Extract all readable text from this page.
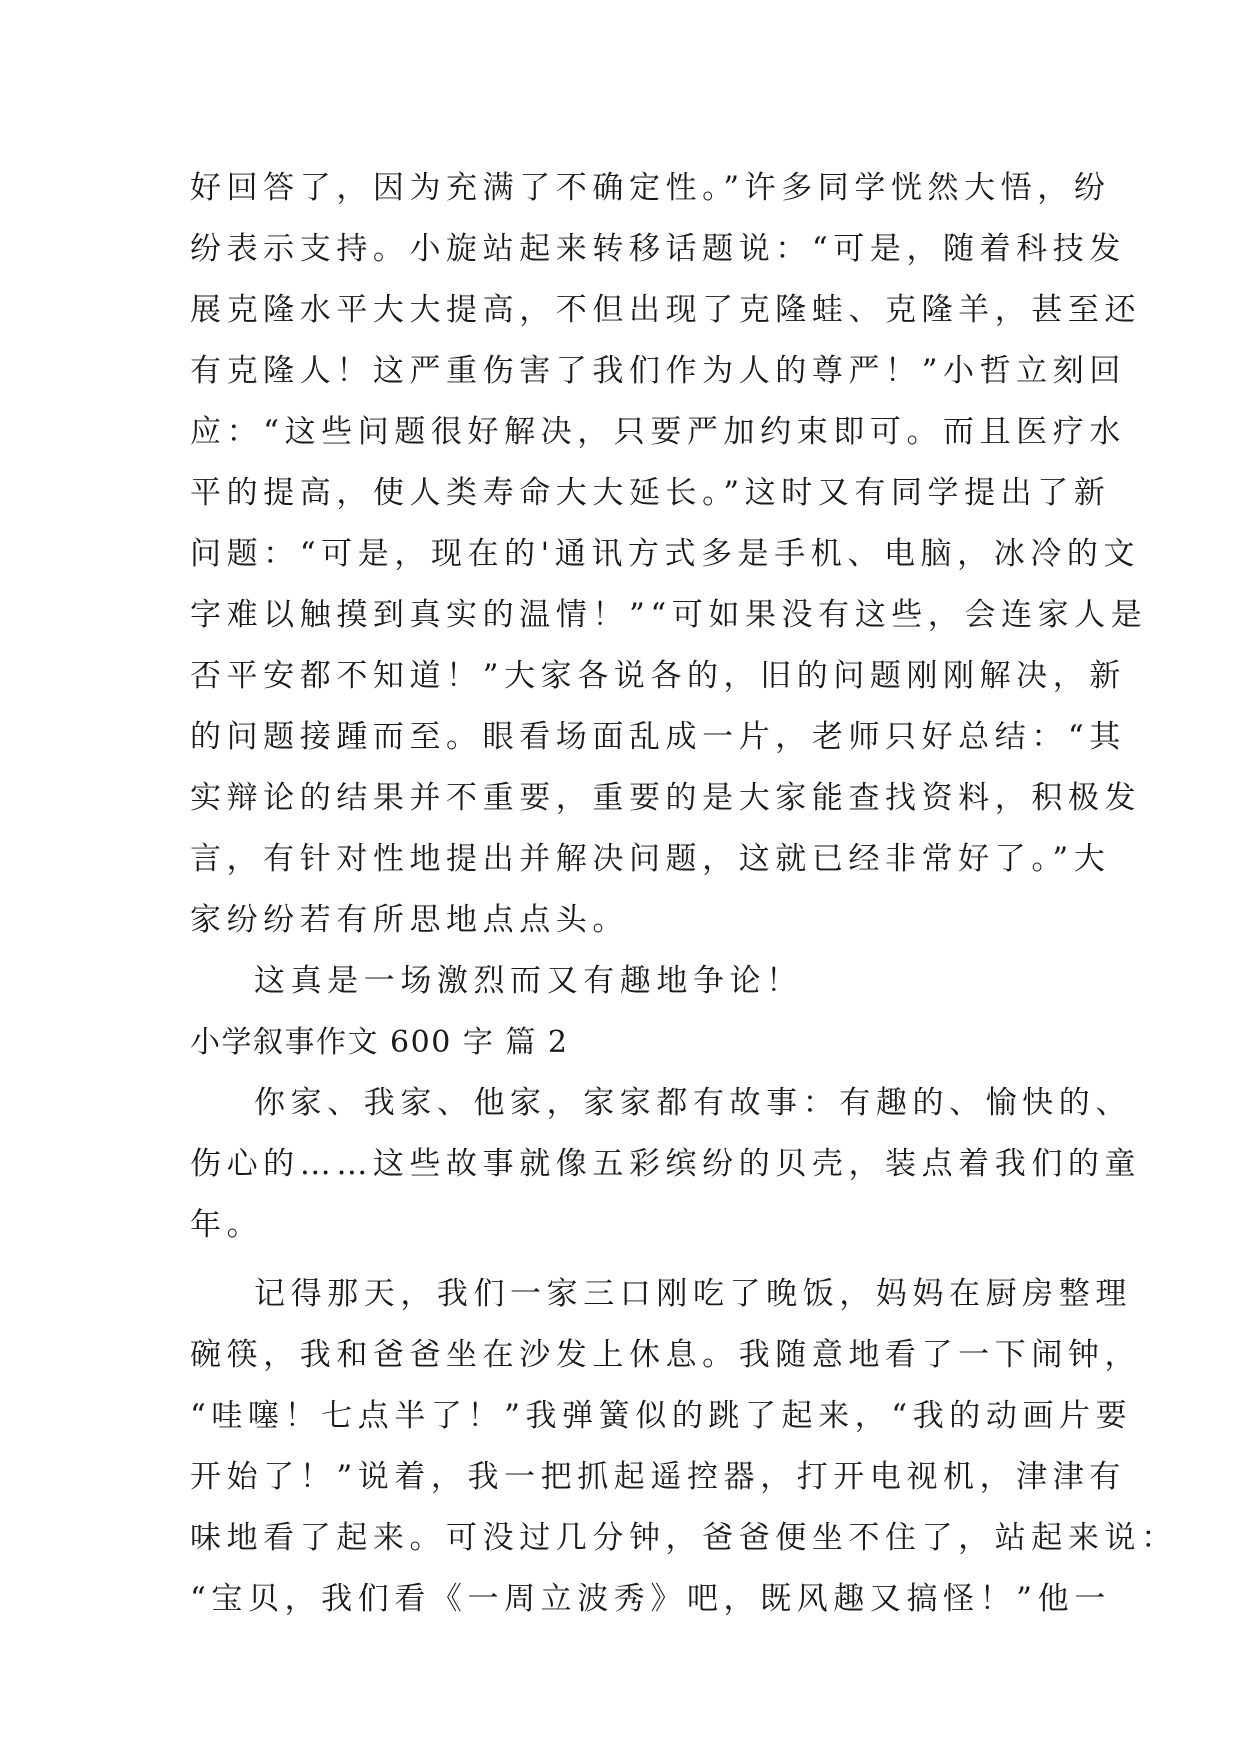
好回答了，因为充满了不确定性。”许多同学恍然大悟，纷
纷表示支持。小旋站起来转移话题说：“可是，随着科技发
展克隆水平大大提高，不但出现了克隆蛙、克隆羊，甚至还
有克隆人！这严重伤害了我们作为人的尊严！”小哲立刻回
应：“这些问题很好解决，只要严加约束即可。而且医疗水
平的提高，使人类寿命大大延长。”这时又有同学提出了新
问题：“可是，现在的'通讯方式多是手机、电脑，冰冷的文
字难以触摸到真实的温情！”“可如果没有这些，会连家人是
否平安都不知道！”大家各说各的，旧的问题刚刚解决，新
的问题接踵而至。眼看场面乱成一片，老师只好总结：“其
实辩论的结果并不重要，重要的是大家能查找资料，积极发
言，有针对性地提出并解决问题，这就已经非常好了。”大
家纷纷若有所思地点点头。
这真是一场激烈而又有趣地争论！
小学叙事作文 600 字 篇 2
你家、我家、他家，家家都有故事：有趣的、愉快的、
伤心的……这些故事就像五彩缤纷的贝壳，装点着我们的童
年。
记得那天，我们一家三口刚吃了晚饭，妈妈在厨房整理
碗筷，我和爸爸坐在沙发上休息。我随意地看了一下闹钟，
“哇噻！七点半了！”我弹簧似的跳了起来，“我的动画片要
开始了！”说着，我一把抓起遥控器，打开电视机，津津有
味地看了起来。可没过几分钟，爸爸便坐不住了，站起来说：
“宝贝，我们看《一周立波秀》吧，既风趣又搞怪！”他一
